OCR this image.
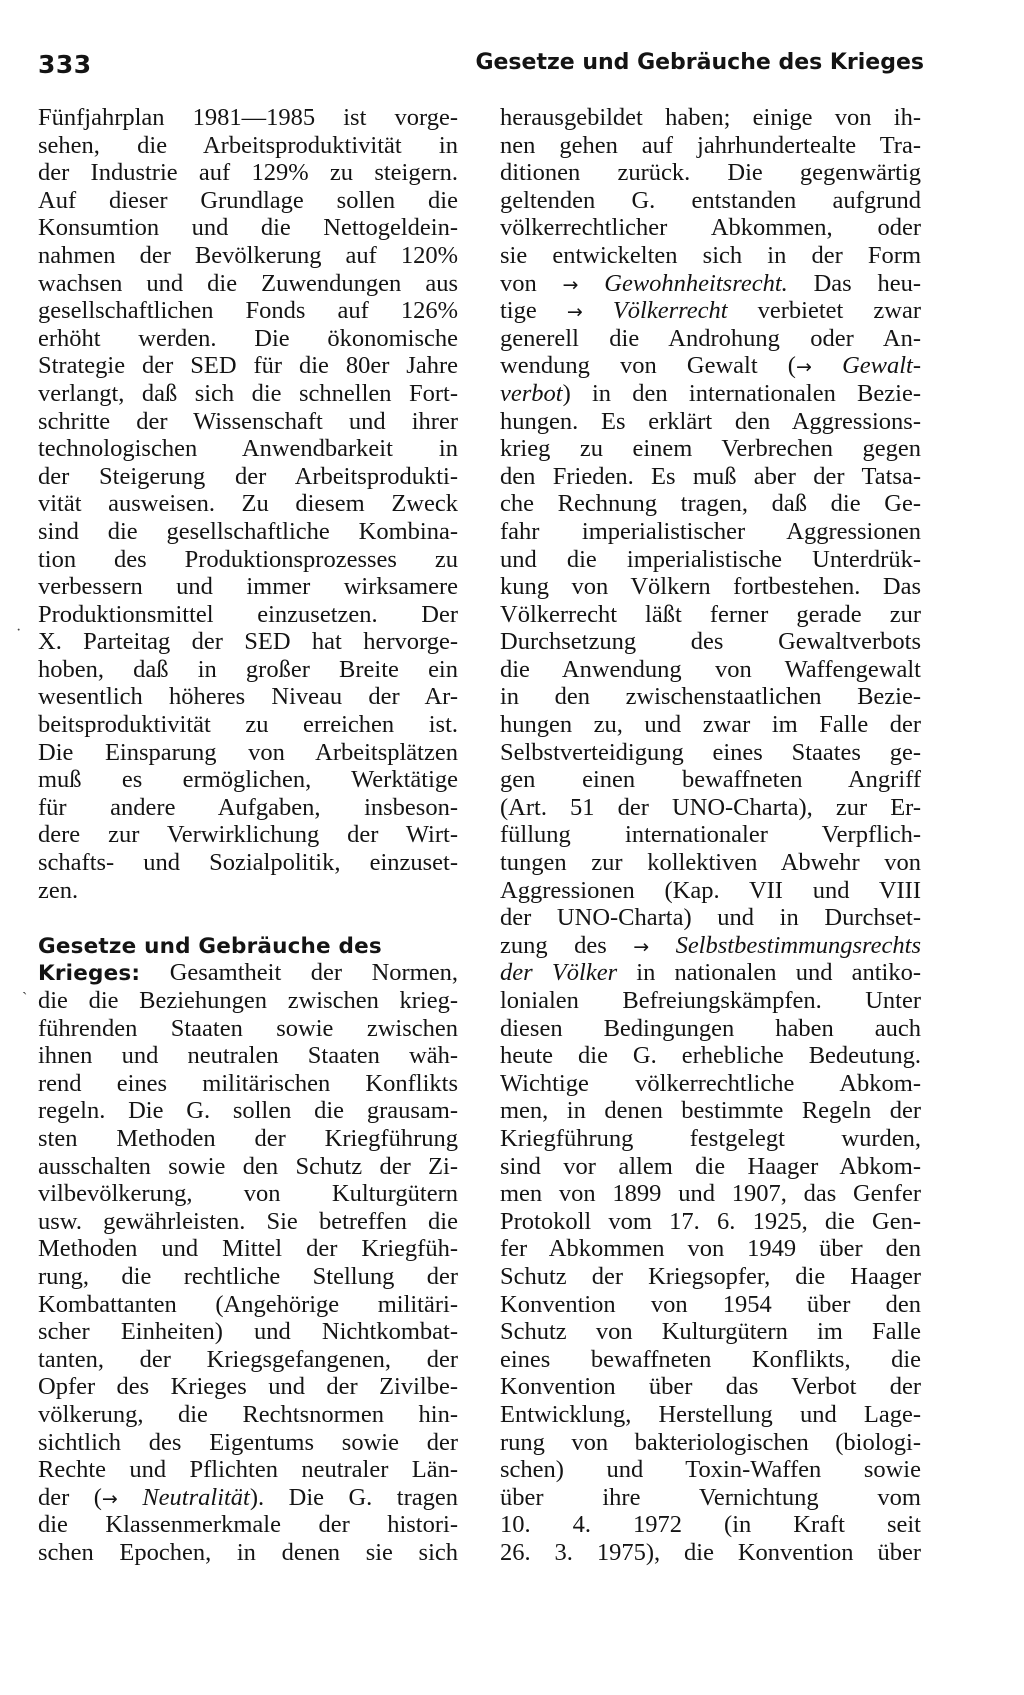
333	Gesetze und Gebräuche des Krieges
Fünfjahrplan 1981—1985 ist vorge-
sehen, die Arbeitsproduktivität in
der Industrie auf 129% zu steigern.
Auf dieser Grundlage sollen die
Konsumtion und die Nettogeldein-
nahmen der Bevölkerung auf 120%
wachsen und die Zuwendungen aus
gesellschaftlichen Fonds auf 126%
erhöht werden. Die ökonomische
Strategie der SED für die 80er Jahre
verlangt, daß sich die schnellen Fort-
schritte der Wissenschaft und ihrer
technologischen Anwendbarkeit in
der Steigerung der Arbeitsprodukti-
vität ausweisen. Zu diesem Zweck
sind die gesellschaftliche Kombina-
tion des Produktionsprozesses zu
verbessern und immer wirksamere
Produktionsmittel einzusetzen. Der
X. Parteitag der SED hat hervorge-
hoben, daß in großer Breite ein
wesentlich höheres Niveau der Ar-
beitsproduktivität zu erreichen ist.
Die Einsparung von Arbeitsplätzen
muß es ermöglichen, Werktätige
für andere Aufgaben, insbeson-
dere zur Verwirklichung der Wirt-
schafts- und Sozialpolitik, einzuset-
zen.
Gesetze und Gebräuche des
Krieges: Gesamtheit der Normen,
die die Beziehungen zwischen krieg-
führenden Staaten sowie zwischen
ihnen und neutralen Staaten wäh-
rend eines militärischen Konflikts
regeln. Die G. sollen die grausam-
sten Methoden der Kriegführung
ausschalten sowie den Schutz der Zi-
vilbevölkerung, von Kulturgütern
usw. gewährleisten. Sie betreffen die
Methoden und Mittel der Kriegfüh-
rung, die rechtliche Stellung der
Kombattanten (Angehörige militäri-
scher Einheiten) und Nichtkombat-
tanten, der Kriegsgefangenen, der
Opfer des Krieges und der Zivilbe-
völkerung, die Rechtsnormen hin-
sichtlich des Eigentums sowie der
Rechte und Pflichten neutraler Län-
der (→ Neutralität). Die G. tragen
die Klassenmerkmale der histori-
schen Epochen, in denen sie sich
herausgebildet haben; einige von ih-
nen gehen auf jahrhundertealte Tra-
ditionen zurück. Die gegenwärtig
geltenden G. entstanden aufgrund
völkerrechtlicher Abkommen, oder
sie entwickelten sich in der Form
von → Gewohnheitsrecht. Das heu-
tige → Völkerrecht verbietet zwar
generell die Androhung oder An-
wendung von Gewalt (→ Gewalt-
verbot) in den internationalen Bezie-
hungen. Es erklärt den Aggressions-
krieg zu einem Verbrechen gegen
den Frieden. Es muß aber der Tatsa-
che Rechnung tragen, daß die Ge-
fahr imperialistischer Aggressionen
und die imperialistische Unterdrük-
kung von Völkern fortbestehen. Das
Völkerrecht läßt ferner gerade zur
Durchsetzung des Gewaltverbots
die Anwendung von Waffengewalt
in den zwischenstaatlichen Bezie-
hungen zu, und zwar im Falle der
Selbstverteidigung eines Staates ge-
gen einen bewaffneten Angriff
(Art. 51 der UNO-Charta), zur Er-
füllung internationaler Verpflich-
tungen zur kollektiven Abwehr von
Aggressionen (Kap. VII und VIII
der UNO-Charta) und in Durchset-
zung des → Selbstbestimmungsrechts
der Völker in nationalen und antiko-
lonialen Befreiungskämpfen. Unter
diesen Bedingungen haben auch
heute die G. erhebliche Bedeutung.
Wichtige völkerrechtliche Abkom-
men, in denen bestimmte Regeln der
Kriegführung festgelegt wurden,
sind vor allem die Haager Abkom-
men von 1899 und 1907, das Genfer
Protokoll vom 17. 6. 1925, die Gen-
fer Abkommen von 1949 über den
Schutz der Kriegsopfer, die Haager
Konvention von 1954 über den
Schutz von Kulturgütern im Falle
eines bewaffneten Konflikts, die
Konvention über das Verbot der
Entwicklung, Herstellung und Lage-
rung von bakteriologischen (biologi-
schen) und Toxin-Waffen sowie
über ihre Vernichtung vom
10. 4. 1972 (in Kraft seit
26. 3. 1975), die Konvention über
·
`
